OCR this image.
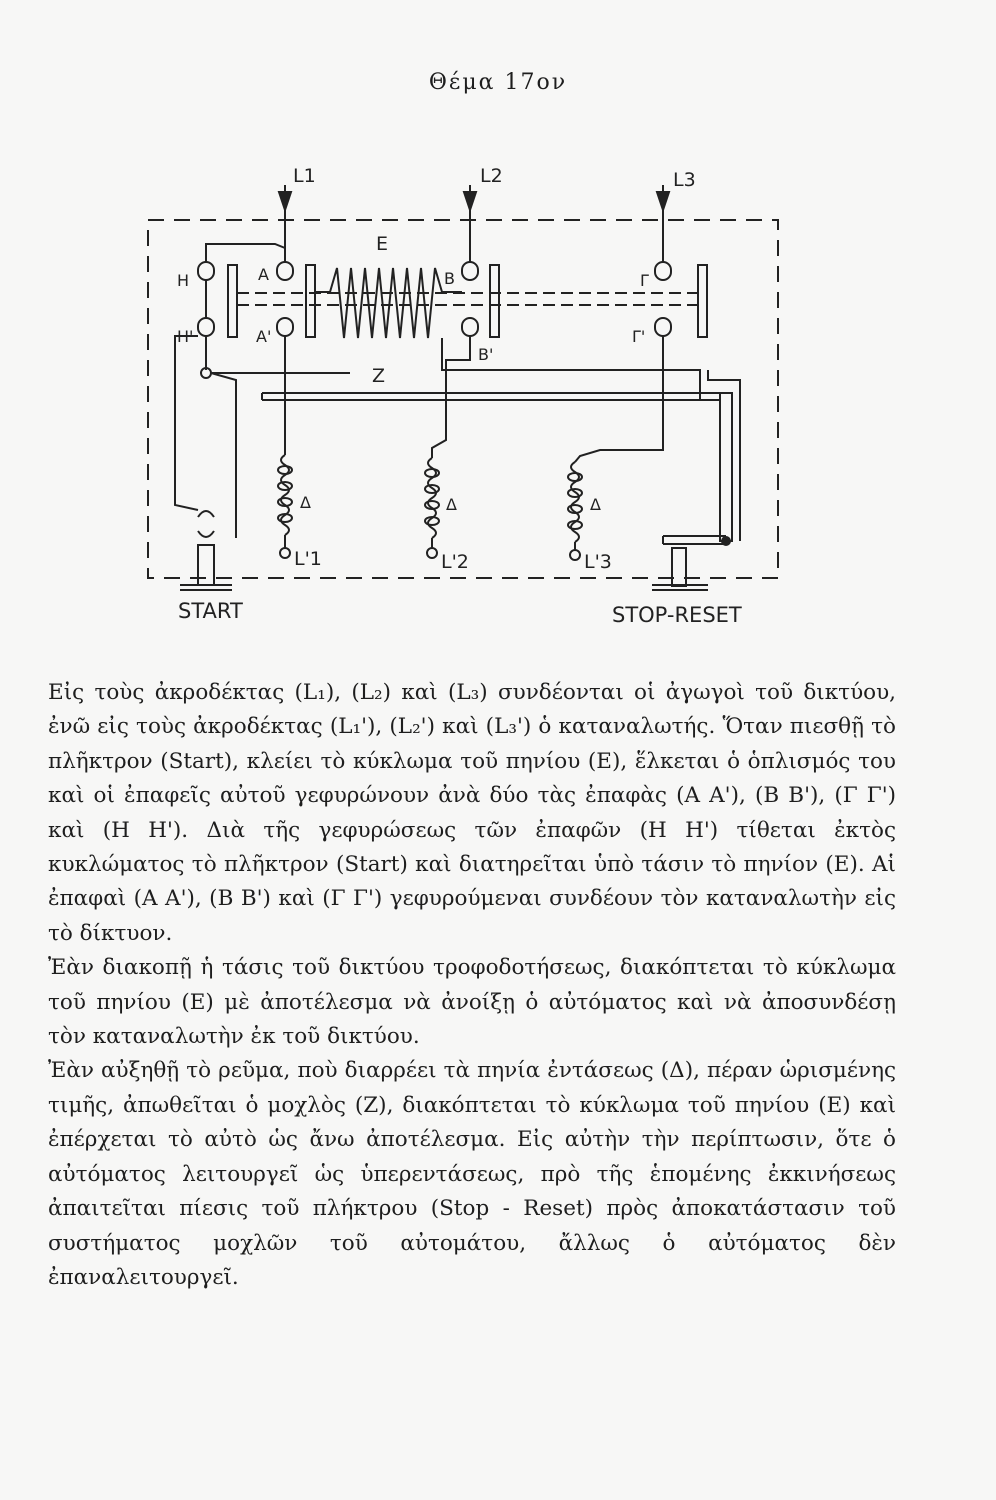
Θέμα 17ον
L1	L2	L3
E
Z
H
H'
A
A'
B
B'
Γ
Γ'
Δ	Δ	Δ
L'1	L'2	L'3
START	STOP-RESET

Εἰς τοὺς ἀκροδέκτας (L₁), (L₂) καὶ (L₃) συνδέονται οἱ ἀγωγοὶ τοῦ δικτύου, ἐνῶ εἰς τοὺς ἀκροδέκτας (L₁'), (L₂') καὶ (L₃') ὁ καταναλωτής. Ὅταν πιεσθῇ τὸ πλῆκτρον (Start), κλείει τὸ κύκλωμα τοῦ πηνίου (E), ἕλκεται ὁ ὁπλισμός του καὶ οἱ ἐπαφεῖς αὐτοῦ γεφυρώνουν ἀνὰ δύο τὰς ἐπαφὰς (A A'), (B B'), (Γ Γ') καὶ (H H'). Διὰ τῆς γεφυρώσεως τῶν ἐπαφῶν (H H') τίθεται ἐκτὸς κυκλώματος τὸ πλῆκτρον (Start) καὶ διατηρεῖται ὑπὸ τάσιν τὸ πηνίον (E). Αἱ ἐπαφαὶ (A A'), (B B') καὶ (Γ Γ') γεφυρούμεναι συνδέουν τὸν καταναλωτὴν εἰς τὸ δίκτυον.

Ἐὰν διακοπῇ ἡ τάσις τοῦ δικτύου τροφοδοτήσεως, διακόπτεται τὸ κύκλωμα τοῦ πηνίου (E) μὲ ἀποτέλεσμα νὰ ἀνοίξῃ ὁ αὐτόματος καὶ νὰ ἀποσυνδέσῃ τὸν καταναλωτὴν ἐκ τοῦ δικτύου.

Ἐὰν αὐξηθῇ τὸ ρεῦμα, ποὺ διαρρέει τὰ πηνία ἐντάσεως (Δ), πέραν ὡρισμένης τιμῆς, ἀπωθεῖται ὁ μοχλὸς (Z), διακόπτεται τὸ κύκλωμα τοῦ πηνίου (E) καὶ ἐπέρχεται τὸ αὐτὸ ὡς ἄνω ἀποτέλεσμα. Εἰς αὐτὴν τὴν περίπτωσιν, ὅτε ὁ αὐτόματος λειτουργεῖ ὡς ὑπερεντάσεως, πρὸ τῆς ἑπομένης ἐκκινήσεως ἀπαιτεῖται πίεσις τοῦ πλήκτρου (Stop - Reset) πρὸς ἀποκατάστασιν τοῦ συστήματος μοχλῶν τοῦ αὐτομάτου, ἄλλως ὁ αὐτόματος δὲν ἐπαναλειτουργεῖ.
